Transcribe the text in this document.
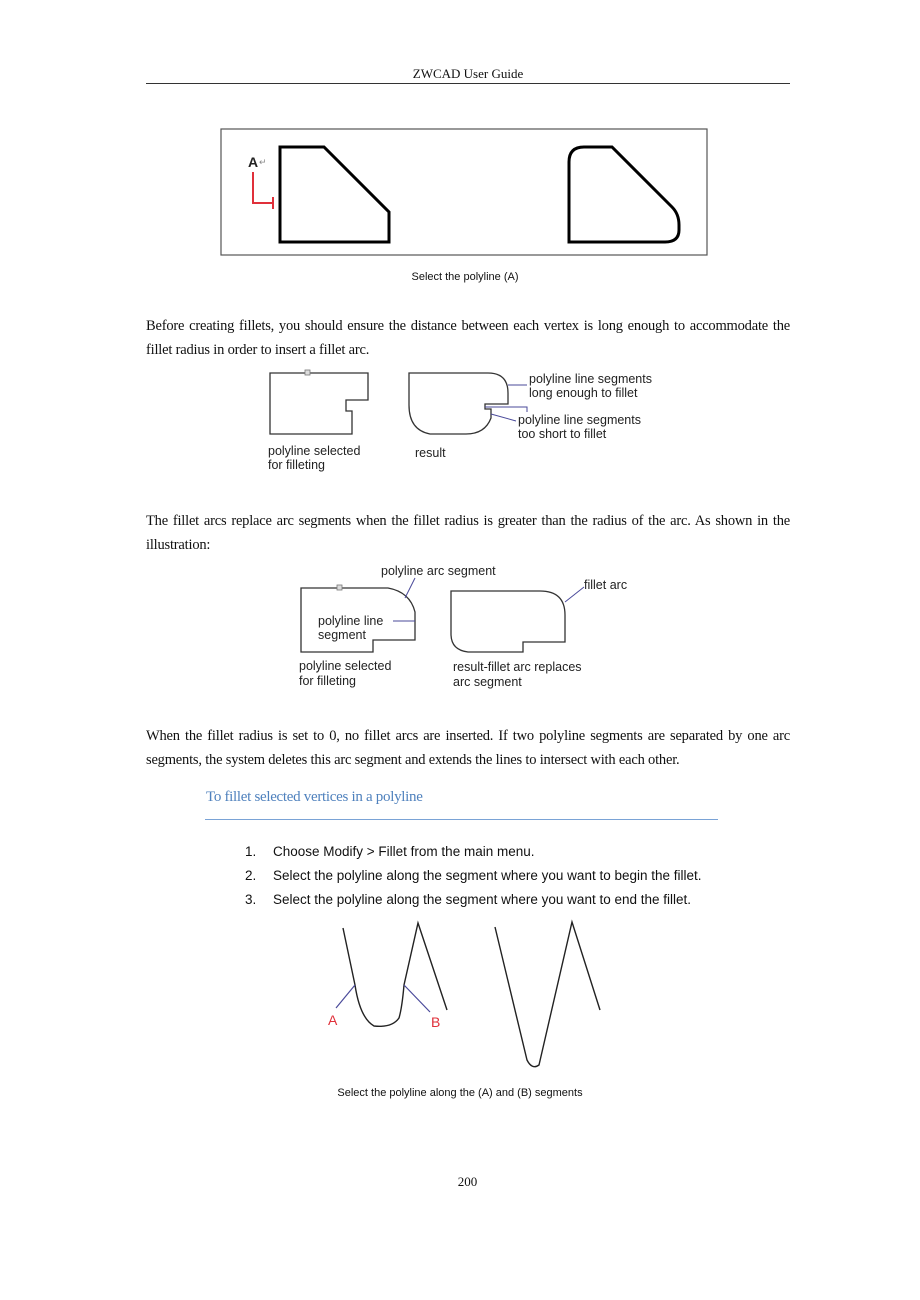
ZWCAD User Guide
A ↵
polyline line segments
long enough to fillet
polyline line segments
too short to fillet
polyline selected
for filleting
result
polyline arc segment
polyline line
segment
polyline selected
for filleting
fillet arc
result-fillet arc replaces
arc segment
A	B
Select the polyline (A)
Before creating fillets, you should ensure the distance between each vertex is long enough to accommodate the fillet radius in order to insert a fillet arc.
The fillet arcs replace arc segments when the fillet radius is greater than the radius of the arc. As shown in the illustration:
When the fillet radius is set to 0, no fillet arcs are inserted. If two polyline segments are separated by one arc segments, the system deletes this arc segment and extends the lines to intersect with each other.
To fillet selected vertices in a polyline
1.	Choose Modify > Fillet from the main menu.
2.	Select the polyline along the segment where you want to begin the fillet.
3.	Select the polyline along the segment where you want to end the fillet.
Select the polyline along the (A) and (B) segments
200
